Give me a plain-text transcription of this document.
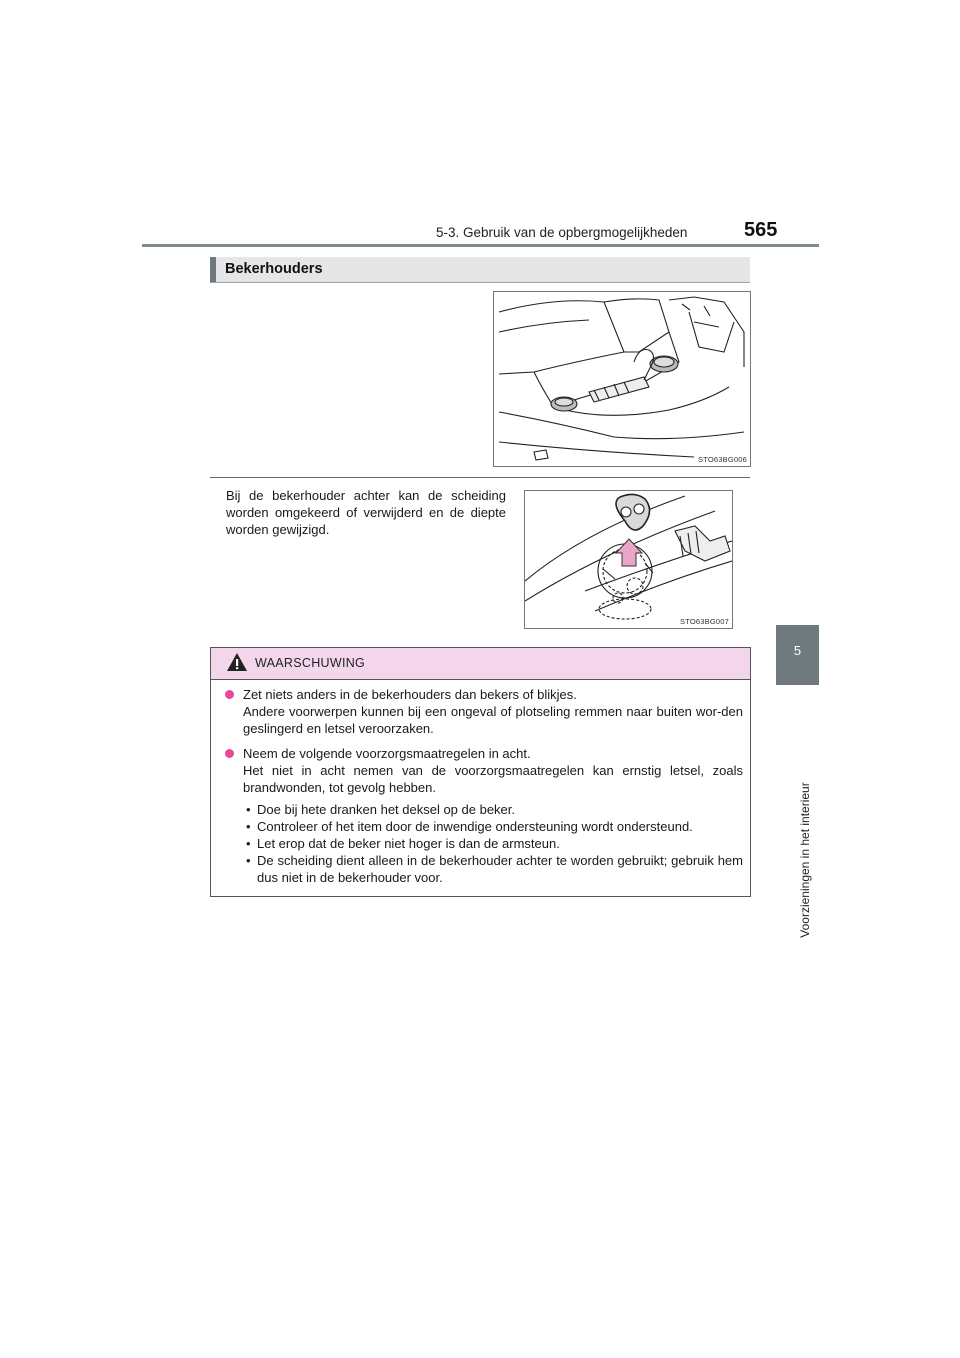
5-3. Gebruik van de opbergmogelijkheden	565
5
Voorzieningen in het interieur
Bekerhouders
STO63BG006
Bij de bekerhouder achter kan de scheiding worden omgekeerd of verwijderd en de diepte worden gewijzigd.
STO63BG007
WAARSCHUWING
Zet niets anders in de bekerhouders dan bekers of blikjes.
Andere voorwerpen kunnen bij een ongeval of plotseling remmen naar buiten wor-den geslingerd en letsel veroorzaken.
Neem de volgende voorzorgsmaatregelen in acht.
Het niet in acht nemen van de voorzorgsmaatregelen kan ernstig letsel, zoals brandwonden, tot gevolg hebben.
• Doe bij hete dranken het deksel op de beker.
• Controleer of het item door de inwendige ondersteuning wordt ondersteund.
• Let erop dat de beker niet hoger is dan de armsteun.
• De scheiding dient alleen in de bekerhouder achter te worden gebruikt; gebruik hem dus niet in de bekerhouder voor.
